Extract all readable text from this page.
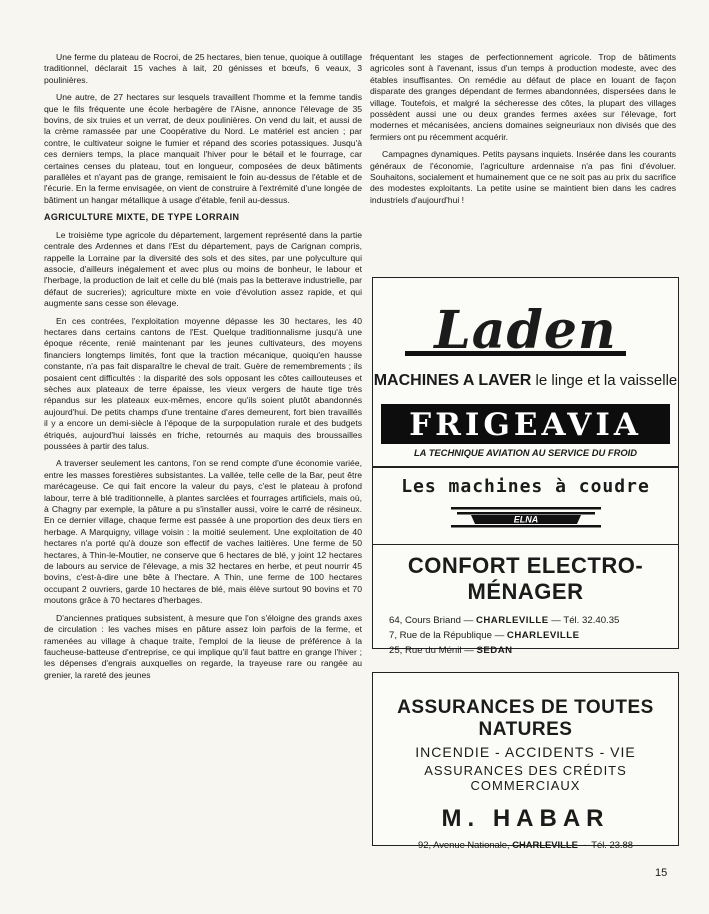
Une ferme du plateau de Rocroi, de 25 hectares, bien tenue, quoique à outillage traditionnel, déclarait 15 vaches à lait, 20 génisses et bœufs, 6 veaux, 3 poulinières.

Une autre, de 27 hectares sur lesquels travaillent l'homme et la femme tandis que le fils fréquente une école herbagère de l'Aisne, annonce l'élevage de 35 bovins, de six truies et un verrat, de deux poulinières. On vend du lait, et aussi de la crème ramassée par une Coopérative du Nord. Le matériel est ancien ; par contre, le cultivateur soigne le fumier et répand des scories potassiques. Jusqu'à ces derniers temps, la place manquait l'hiver pour le bétail et le fourrage, car certaines censes du plateau, tout en longueur, composées de deux bâtiments parallèles et n'ayant pas de grange, remisaient le foin au-dessus de l'étable et de l'écurie. En la ferme envisagée, on vient de construire à l'extrémité d'une longée de bâtiment un hangar métallique à usage d'étable, fenil au-dessus.

AGRICULTURE MIXTE, DE TYPE LORRAIN

Le troisième type agricole du département, largement représenté dans la partie centrale des Ardennes et dans l'Est du département, pays de Carignan compris, rappelle la Lorraine par la diversité des sols et des sites, par une polyculture qui associe, d'ailleurs inégalement et avec plus ou moins de bonheur, le labour et l'herbage, la production de lait et celle du blé (mais pas la betterave industrielle, par défaut de sucreries); agriculture mixte en voie d'évolution assez rapide, et qui augmente sans cesse son élevage.

En ces contrées, l'exploitation moyenne dépasse les 30 hectares, les 40 hectares dans certains cantons de l'Est. Quelque traditionnalisme jusqu'à une époque récente, renié maintenant par les jeunes cultivateurs, des moyens financiers longtemps limités, font que la traction mécanique, quoiqu'en hausse constante, n'a pas fait disparaître le cheval de trait. Guère de remembrements ; ils posaient cent difficultés : la disparité des sols opposant les côtes caillouteuses et sèches aux plateaux de terre épaisse, les vieux vergers de haute tige très répandus sur les plateaux eux-mêmes, encore qu'ils soient plutôt abandonnés aujourd'hui. De petits champs d'une trentaine d'ares demeurent, fort bien travaillés il y a encore un demi-siècle à l'époque de la surpopulation rurale et des budgets étriqués, aujourd'hui laissés en friche, retournés au maquis des broussailles poussées à partir des talus.

A traverser seulement les cantons, l'on se rend compte d'une économie variée, entre les masses forestières subsistantes. La vallée, telle celle de la Bar, peut être marécageuse. Ce qui fait encore la valeur du pays, c'est le plateau à profond labour, terre à blé traditionnelle, à plantes sarclées et fourrages artificiels, mais où, à Chagny par exemple, la pâture a pu s'installer aussi, voire le carré de résineux. En ce dernier village, chaque ferme est passée à une proportion des deux tiers en herbage. A Marquigny, village voisin : la moitié seulement. Une exploitation de 40 hectares n'a porté qu'à douze son effectif de vaches laitières. Une ferme de 50 hectares, à Thin-le-Moutier, ne conserve que 6 hectares de blé, y joint 12 hectares de labours au service de l'élevage, a mis 32 hectares en herbe, et peut nourrir 45 bovins, c'est-à-dire une bête à l'hectare. A Thin, une ferme de 100 hectares occupant 2 ouvriers, garde 10 hectares de blé, mais élève surtout 90 bovins et 70 moutons grâce à 70 hectares d'herbages.

D'anciennes pratiques subsistent, à mesure que l'on s'éloigne des grands axes de circulation : les vaches mises en pâture assez loin parfois de la ferme, et ramenées au village à chaque traite, l'emploi de la lieuse de préférence à la faucheuse-batteuse d'entreprise, ce qui implique qu'il faut battre en grange l'hiver ; les dépenses d'engrais auxquelles on regarde, la trayeuse rare ou rangée au grenier, la rareté des jeunes

fréquentant les stages de perfectionnement agricole. Trop de bâtiments agricoles sont à l'avenant, issus d'un temps à production modeste, avec des étables insuffisantes. On remédie au défaut de place en louant de façon disparate des granges dépendant de fermes abandonnées, dispersées dans le village. Toutefois, et malgré la sécheresse des côtes, la plupart des villages possèdent aussi une ou deux grandes fermes axées sur l'élevage, fort modernes et mécanisées, anciens domaines seigneuriaux non divisés que des fermiers ont pu récemment acquérir.

Campagnes dynamiques. Petits paysans inquiets. Insérée dans les courants généraux de l'économie, l'agriculture ardennaise n'a pas fini d'évoluer. Souhaitons, socialement et humainement que ce ne soit pas au prix du sacrifice des modestes exploitants. La petite usine se maintient bien dans les cadres industriels d'aujourd'hui !

Laden
MACHINES A LAVER le linge et la vaisselle
FRIGEAVIA
LA TECHNIQUE AVIATION AU SERVICE DU FROID
Les machines à coudre
ELNA
CONFORT ELECTRO-MÉNAGER
64, Cours Briand — CHARLEVILLE — Tél. 32.40.35
7, Rue de la République — CHARLEVILLE
25, Rue du Ménil — SEDAN
ASSURANCES DE TOUTES NATURES
INCENDIE - ACCIDENTS - VIE
ASSURANCES DES CRÉDITS COMMERCIAUX
M. HABAR
92, Avenue Nationale, CHARLEVILLE - Tél. 23.88
15
